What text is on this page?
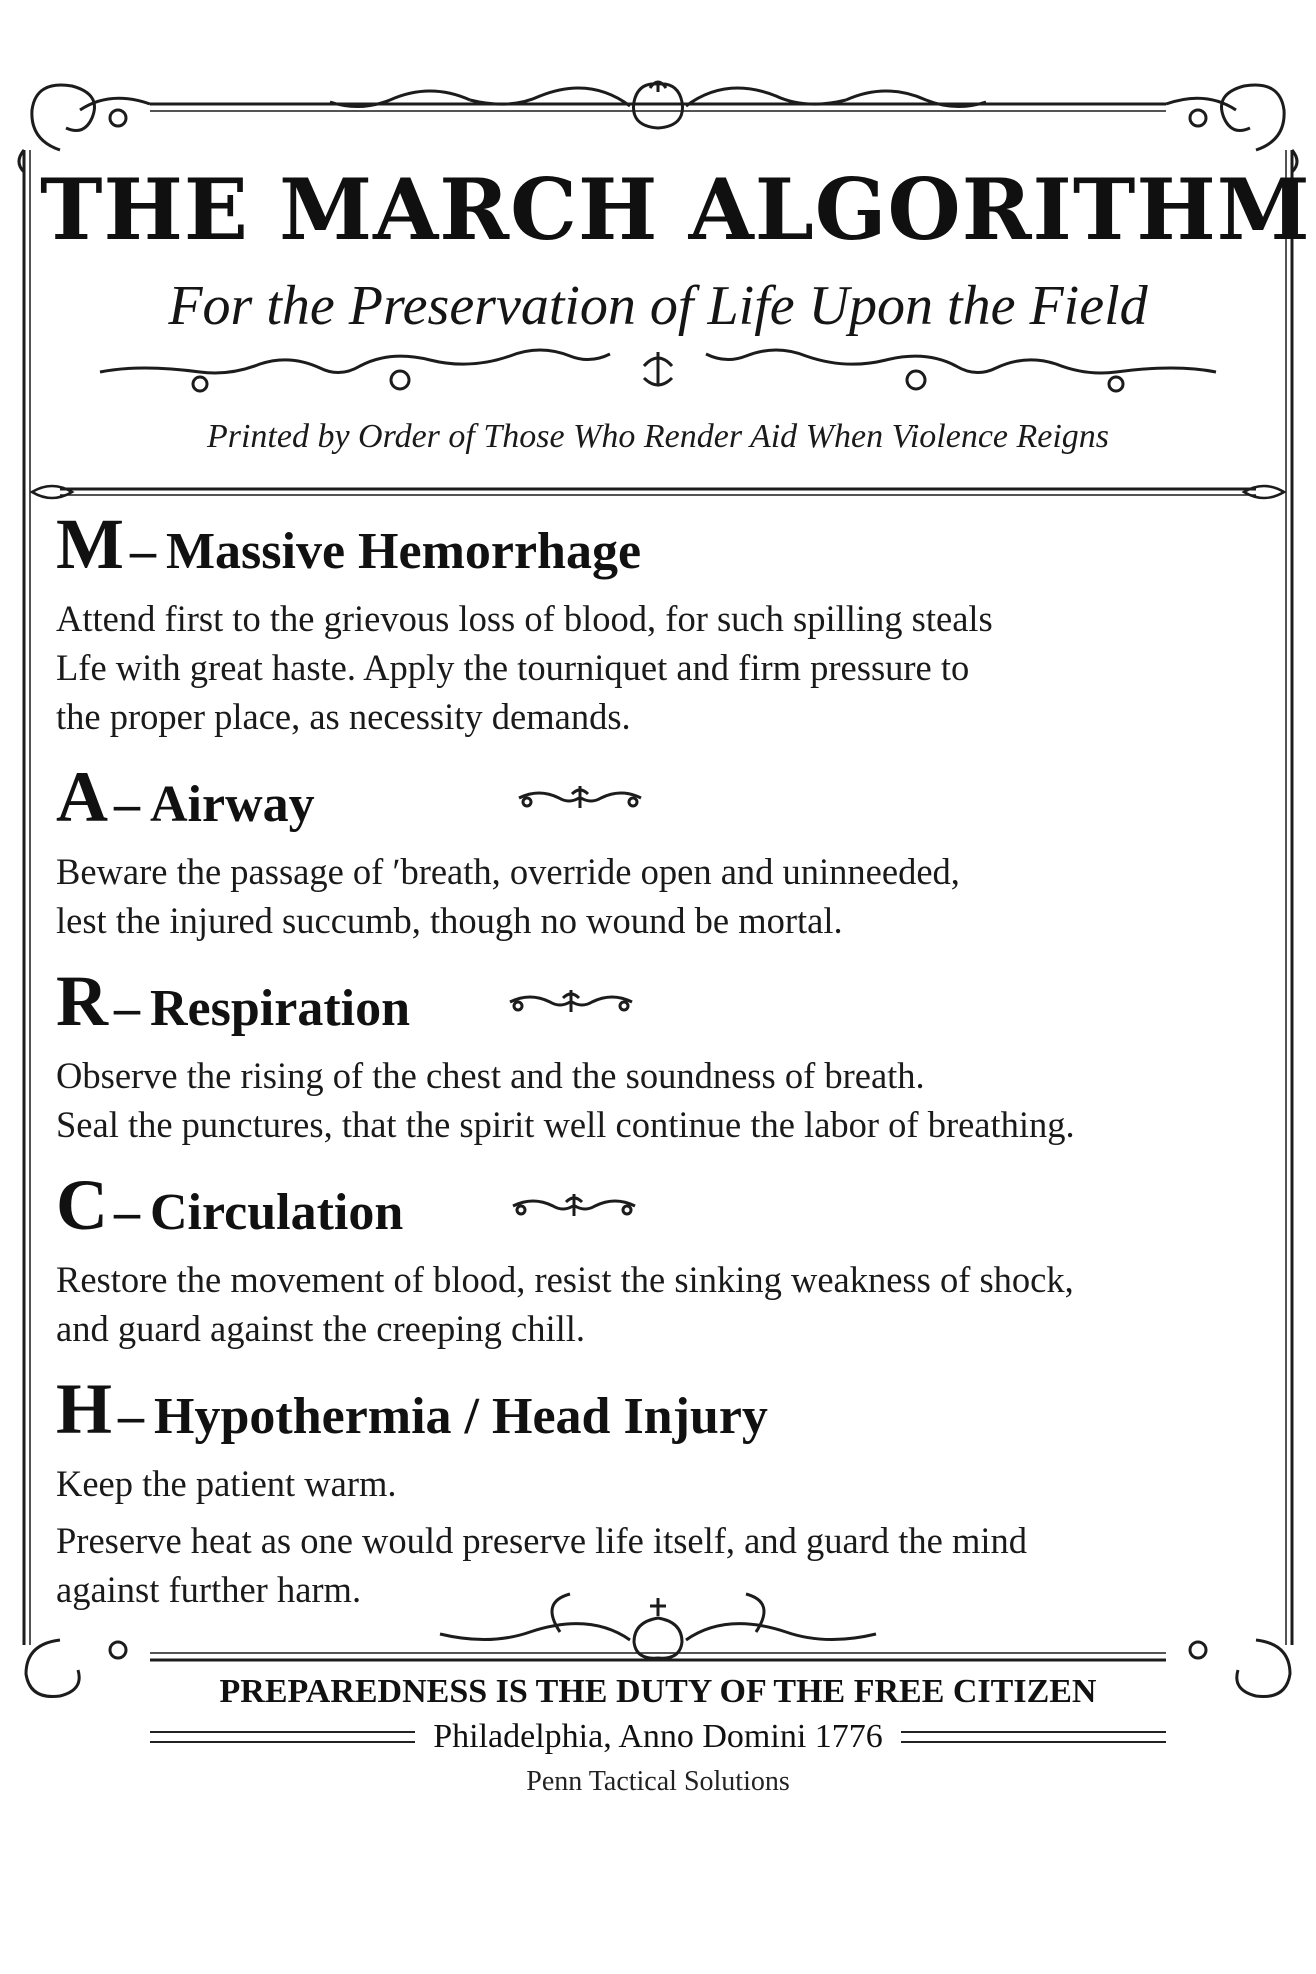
THE MARCH ALGORITHM
For the Preservation of Life Upon the Field
Printed by Order of Those Who Render Aid When Violence Reigns
M – Massive Hemorrhage

Attend first to the grievous loss of blood, for such spilling steals

Lfe with great haste. Apply the tourniquet and firm pressure to

the proper place, as necessity demands.

A – Airway

Beware the passage of ʹbreath, override open and uninneeded,

lest the injured succumb, though no wound be mortal.

R – Respiration

Observe the rising of the chest and the soundness of breath.

Seal the punctures, that the spirit well continue the labor of breathing.

C – Circulation

Restore the movement of blood, resist the sinking weakness of shock,

and guard against the creeping chill.

H – Hypothermia / Head Injury

Keep the patient warm.

Preserve heat as one would preserve life itself, and guard the mind

against further harm.

PREPAREDNESS IS THE DUTY OF THE FREE CITIZEN
Philadelphia, Anno Domini 1776
Penn Tactical Solutions
